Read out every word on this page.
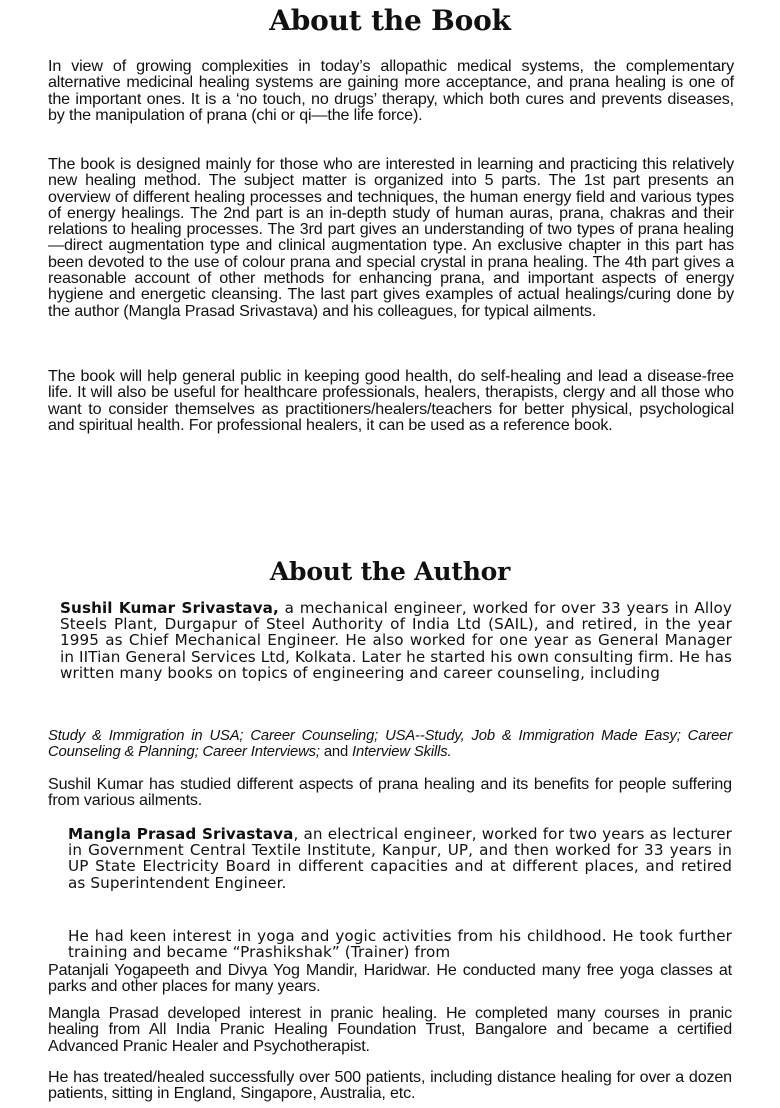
About the Book

In view of growing complexities in today’s allopathic medical systems, the complementary alternative medicinal healing systems are gaining more acceptance, and prana healing is one of the important ones. It is a ‘no touch, no drugs’ therapy, which both cures and prevents diseases, by the manipulation of prana (chi or qi—the life force).

The book is designed mainly for those who are interested in learning and practicing this relatively new healing method. The subject matter is organized into 5 parts. The 1st part presents an overview of different healing processes and techniques, the human energy field and various types of energy healings. The 2nd part is an in-depth study of human auras, prana, chakras and their relations to healing processes. The 3rd part gives an understanding of two types of prana healing—direct augmentation type and clinical augmentation type. An exclusive chapter in this part has been devoted to the use of colour prana and special crystal in prana healing. The 4th part gives a reasonable account of other methods for enhancing prana, and important aspects of energy hygiene and energetic cleansing. The last part gives examples of actual healings/curing done by the author (Mangla Prasad Srivastava) and his colleagues, for typical ailments.

The book will help general public in keeping good health, do self-healing and lead a disease-free life. It will also be useful for healthcare professionals, healers, therapists, clergy and all those who want to consider themselves as practitioners/healers/teachers for better physical, psychological and spiritual health. For professional healers, it can be used as a reference book.

About the Author

Sushil Kumar Srivastava, a mechanical engineer, worked for over 33 years in Alloy Steels Plant, Durgapur of Steel Authority of India Ltd (SAIL), and retired, in the year 1995 as Chief Mechanical Engineer. He also worked for one year as General Manager in IITian General Services Ltd, Kolkata. Later he started his own consulting firm. He has written many books on topics of engineering and career counseling, including

Study & Immigration in USA; Career Counseling; USA--Study, Job & Immigration Made Easy; Career Counseling & Planning; Career Interviews; and Interview Skills.

Sushil Kumar has studied different aspects of prana healing and its benefits for people suffering from various ailments.

Mangla Prasad Srivastava, an electrical engineer, worked for two years as lecturer in Government Central Textile Institute, Kanpur, UP, and then worked for 33 years in UP State Electricity Board in different capacities and at different places, and retired as Superintendent Engineer.

He had keen interest in yoga and yogic activities from his childhood. He took further training and became “Prashikshak” (Trainer) from

Patanjali Yogapeeth and Divya Yog Mandir, Haridwar. He conducted many free yoga classes at parks and other places for many years.

Mangla Prasad developed interest in pranic healing. He completed many courses in pranic healing from All India Pranic Healing Foundation Trust, Bangalore and became a certified Advanced Pranic Healer and Psychotherapist.

He has treated/healed successfully over 500 patients, including distance healing for over a dozen patients, sitting in England, Singapore, Australia, etc.
